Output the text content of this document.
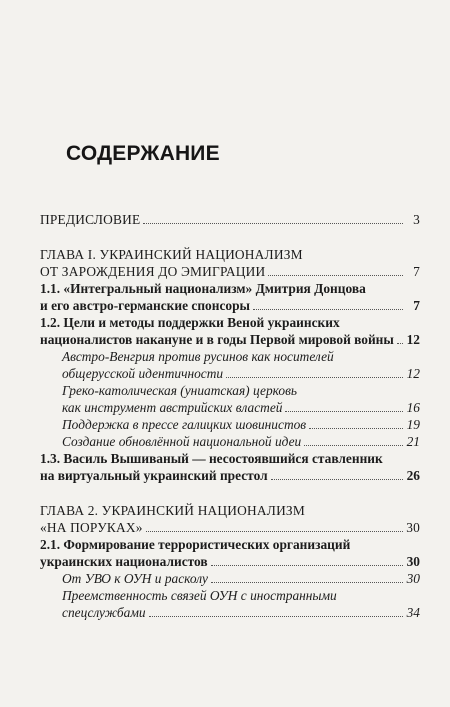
СОДЕРЖАНИЕ
ПРЕДИСЛОВИЕ	3
ГЛАВА I. УКРАИНСКИЙ НАЦИОНАЛИЗМ
ОТ ЗАРОЖДЕНИЯ ДО ЭМИГРАЦИИ	7
1.1. «Интегральный национализм» Дмитрия Донцова
и его австро-германские спонсоры	7
1.2. Цели и методы поддержки Веной украинских
националистов накануне и в годы Первой мировой войны 12
Австро-Венгрия против русинов как носителей
общерусской идентичности	12
Греко-католическая (униатская) церковь
как инструмент австрийских властей	16
Поддержка в прессе галицких шовинистов	19
Создание обновлённой национальной идеи	21
1.3. Василь Вышиваный — несостоявшийся ставленник
на виртуальный украинский престол	26
ГЛАВА 2. УКРАИНСКИЙ НАЦИОНАЛИЗМ
«НА ПОРУКАХ»	30
2.1. Формирование террористических организаций
украинских националистов	30
От УВО к ОУН и расколу	30
Преемственность связей ОУН с иностранными
спецслужбами	34
